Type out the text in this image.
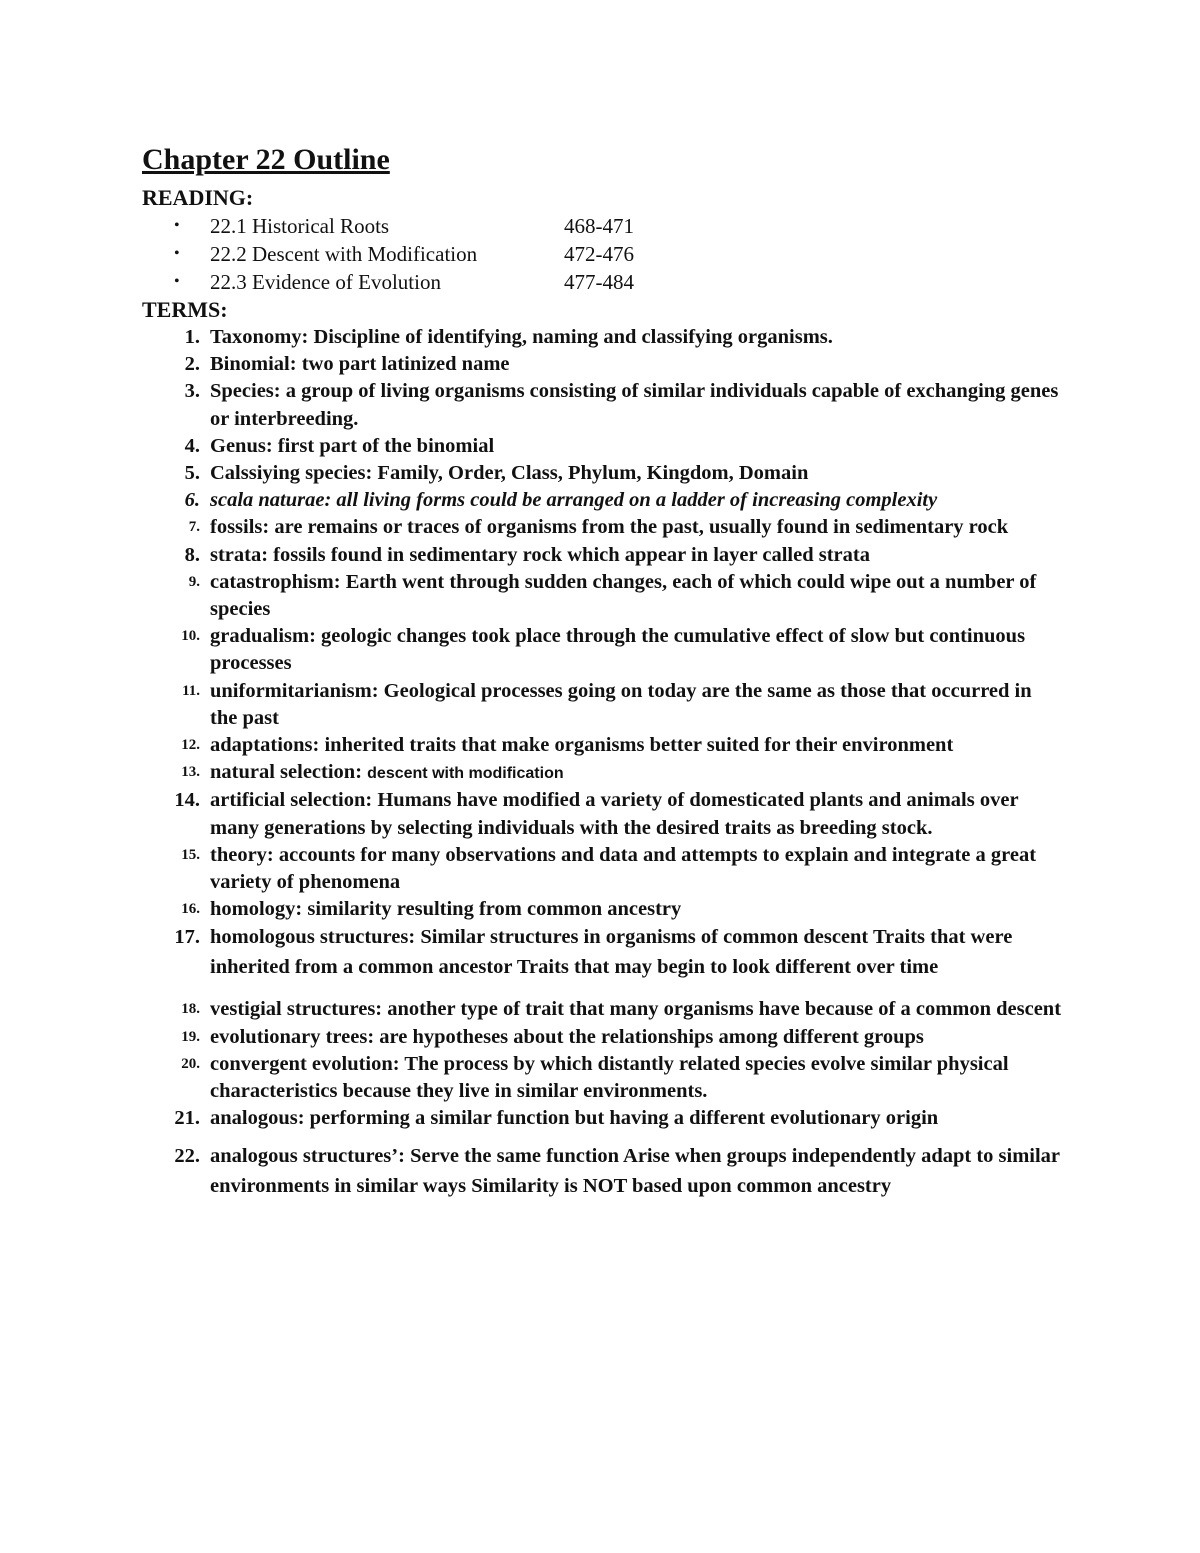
Chapter 22 Outline

READING:

• 22.1 Historical Roots	468-471
• 22.2 Descent with Modification	472-476
• 22.3 Evidence of Evolution	477-484

TERMS:

1. Taxonomy: Discipline of identifying, naming and classifying organisms.
2. Binomial: two part latinized name
3. Species: a group of living organisms consisting of similar individuals capable of exchanging genes or interbreeding.
4. Genus: first part of the binomial
5. Calssiying species: Family, Order, Class, Phylum, Kingdom, Domain
6. scala naturae: all living forms could be arranged on a ladder of increasing complexity
7. fossils: are remains or traces of organisms from the past, usually found in sedimentary rock
8. strata: fossils found in sedimentary rock which appear in layer called strata
9. catastrophism: Earth went through sudden changes, each of which could wipe out a number of species
10. gradualism: geologic changes took place through the cumulative effect of slow but continuous processes
11. uniformitarianism: Geological processes going on today are the same as those that occurred in the past
12. adaptations: inherited traits that make organisms better suited for their environment
13. natural selection: descent with modification
14. artificial selection: Humans have modified a variety of domesticated plants and animals over many generations by selecting individuals with the desired traits as breeding stock.
15. theory: accounts for many observations and data and attempts to explain and integrate a great variety of phenomena
16. homology: similarity resulting from common ancestry
17. homologous structures: Similar structures in organisms of common descent Traits that were inherited from a common ancestor Traits that may begin to look different over time
18. vestigial structures: another type of trait that many organisms have because of a common descent
19. evolutionary trees: are hypotheses about the relationships among different groups
20. convergent evolution: The process by which distantly related species evolve similar physical characteristics because they live in similar environments.
21. analogous: performing a similar function but having a different evolutionary origin
22. analogous structures’: Serve the same function Arise when groups independently adapt to similar environments in similar ways Similarity is NOT based upon common ancestry
